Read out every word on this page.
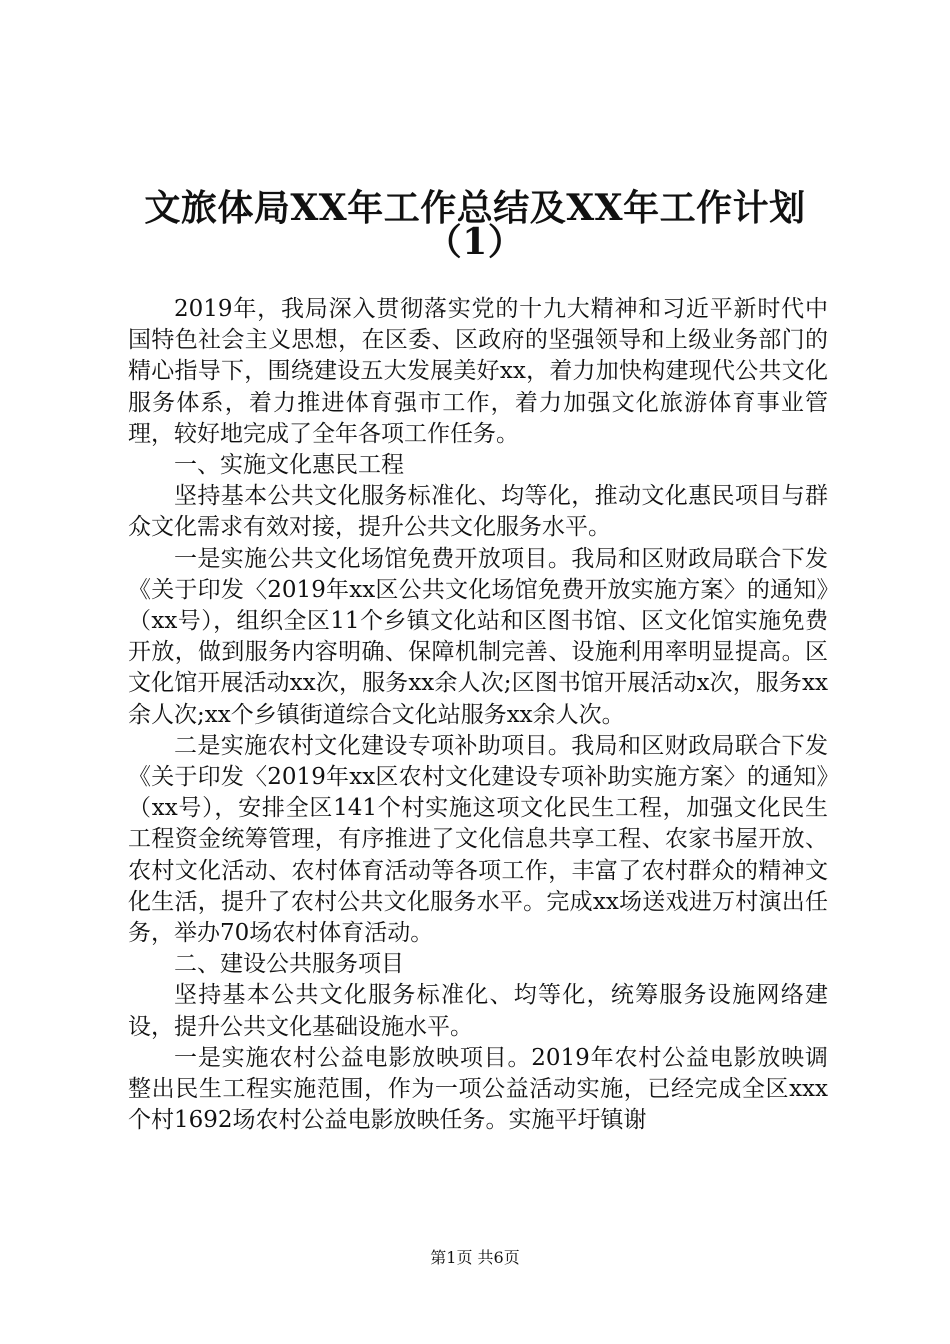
文旅体局XX年工作总结及XX年工作计划
（1）

2019年，我局深入贯彻落实党的十九大精神和习近平新时代中国特色社会主义思想，在区委、区政府的坚强领导和上级业务部门的精心指导下，围绕建设五大发展美好xx，着力加快构建现代公共文化服务体系，着力推进体育强市工作，着力加强文化旅游体育事业管理，较好地完成了全年各项工作任务。

一、实施文化惠民工程

坚持基本公共文化服务标准化、均等化，推动文化惠民项目与群众文化需求有效对接，提升公共文化服务水平。

一是实施公共文化场馆免费开放项目。我局和区财政局联合下发《关于印发〈2019年xx区公共文化场馆免费开放实施方案〉的通知》（xx号），组织全区11个乡镇文化站和区图书馆、区文化馆实施免费开放，做到服务内容明确、保障机制完善、设施利用率明显提高。区文化馆开展活动xx次，服务xx余人次;区图书馆开展活动x次，服务xx余人次;xx个乡镇街道综合文化站服务xx余人次。

二是实施农村文化建设专项补助项目。我局和区财政局联合下发《关于印发〈2019年xx区农村文化建设专项补助实施方案〉的通知》（xx号），安排全区141个村实施这项文化民生工程，加强文化民生工程资金统筹管理，有序推进了文化信息共享工程、农家书屋开放、农村文化活动、农村体育活动等各项工作，丰富了农村群众的精神文化生活，提升了农村公共文化服务水平。完成xx场送戏进万村演出任务，举办70场农村体育活动。

二、建设公共服务项目

坚持基本公共文化服务标准化、均等化，统筹服务设施网络建设，提升公共文化基础设施水平。

一是实施农村公益电影放映项目。2019年农村公益电影放映调整出民生工程实施范围，作为一项公益活动实施，已经完成全区xxx个村1692场农村公益电影放映任务。实施平圩镇谢

第1页 共6页
